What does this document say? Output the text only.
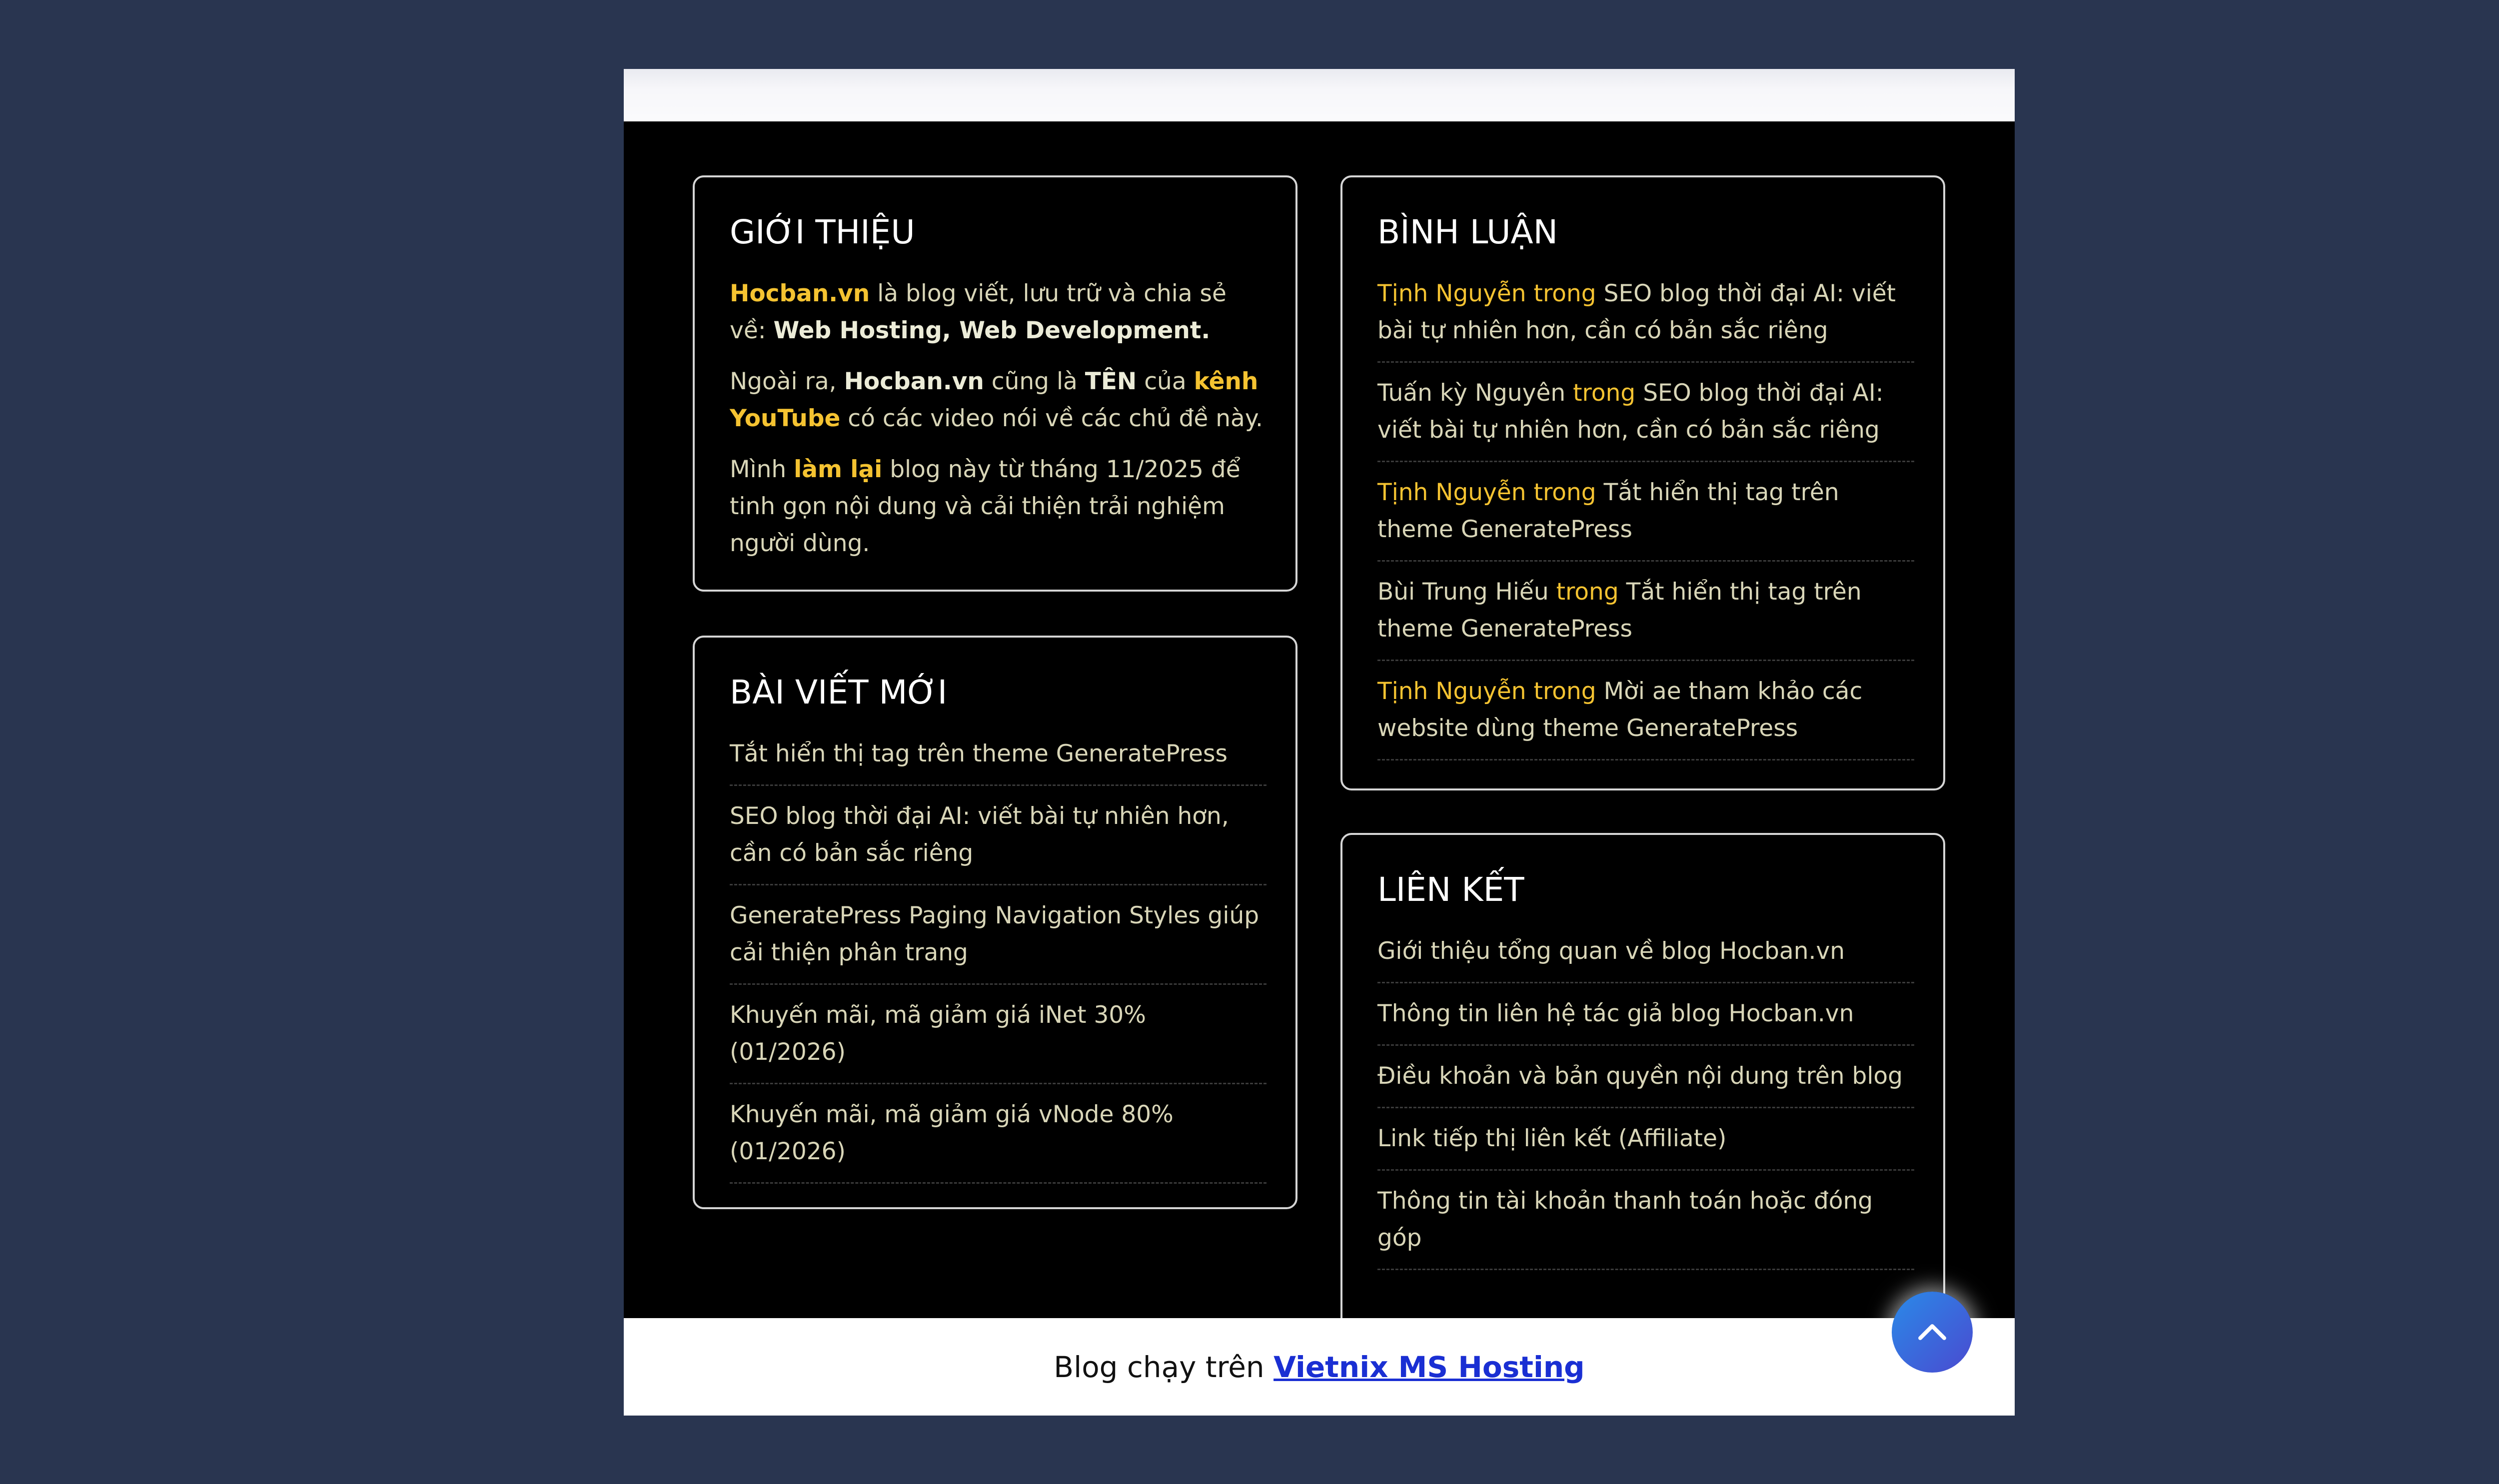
GIỚI THIỆU

Hocban.vn là blog viết, lưu trữ và chia sẻ về: Web Hosting, Web Development.

Ngoài ra, Hocban.vn cũng là TÊN của kênh YouTube có các video nói về các chủ đề này.

Mình làm lại blog này từ tháng 11/2025 để tinh gọn nội dung và cải thiện trải nghiệm người dùng.

BÀI VIẾT MỚI
Tắt hiển thị tag trên theme GeneratePress
SEO blog thời đại AI: viết bài tự nhiên hơn, cần có bản sắc riêng
GeneratePress Paging Navigation Styles giúp cải thiện phân trang
Khuyến mãi, mã giảm giá iNet 30% (01/2026)
Khuyến mãi, mã giảm giá vNode 80% (01/2026)
BÌNH LUẬN
Tịnh Nguyễn trong SEO blog thời đại AI: viết bài tự nhiên hơn, cần có bản sắc riêng
Tuấn kỳ Nguyên trong SEO blog thời đại AI: viết bài tự nhiên hơn, cần có bản sắc riêng
Tịnh Nguyễn trong Tắt hiển thị tag trên theme GeneratePress
Bùi Trung Hiếu trong Tắt hiển thị tag trên theme GeneratePress
Tịnh Nguyễn trong Mời ae tham khảo các website dùng theme GeneratePress
LIÊN KẾT
Giới thiệu tổng quan về blog Hocban.vn
Thông tin liên hệ tác giả blog Hocban.vn
Điều khoản và bản quyền nội dung trên blog
Link tiếp thị liên kết (Affiliate)
Thông tin tài khoản thanh toán hoặc đóng góp
Blog chạy trên Vietnix MS Hosting
